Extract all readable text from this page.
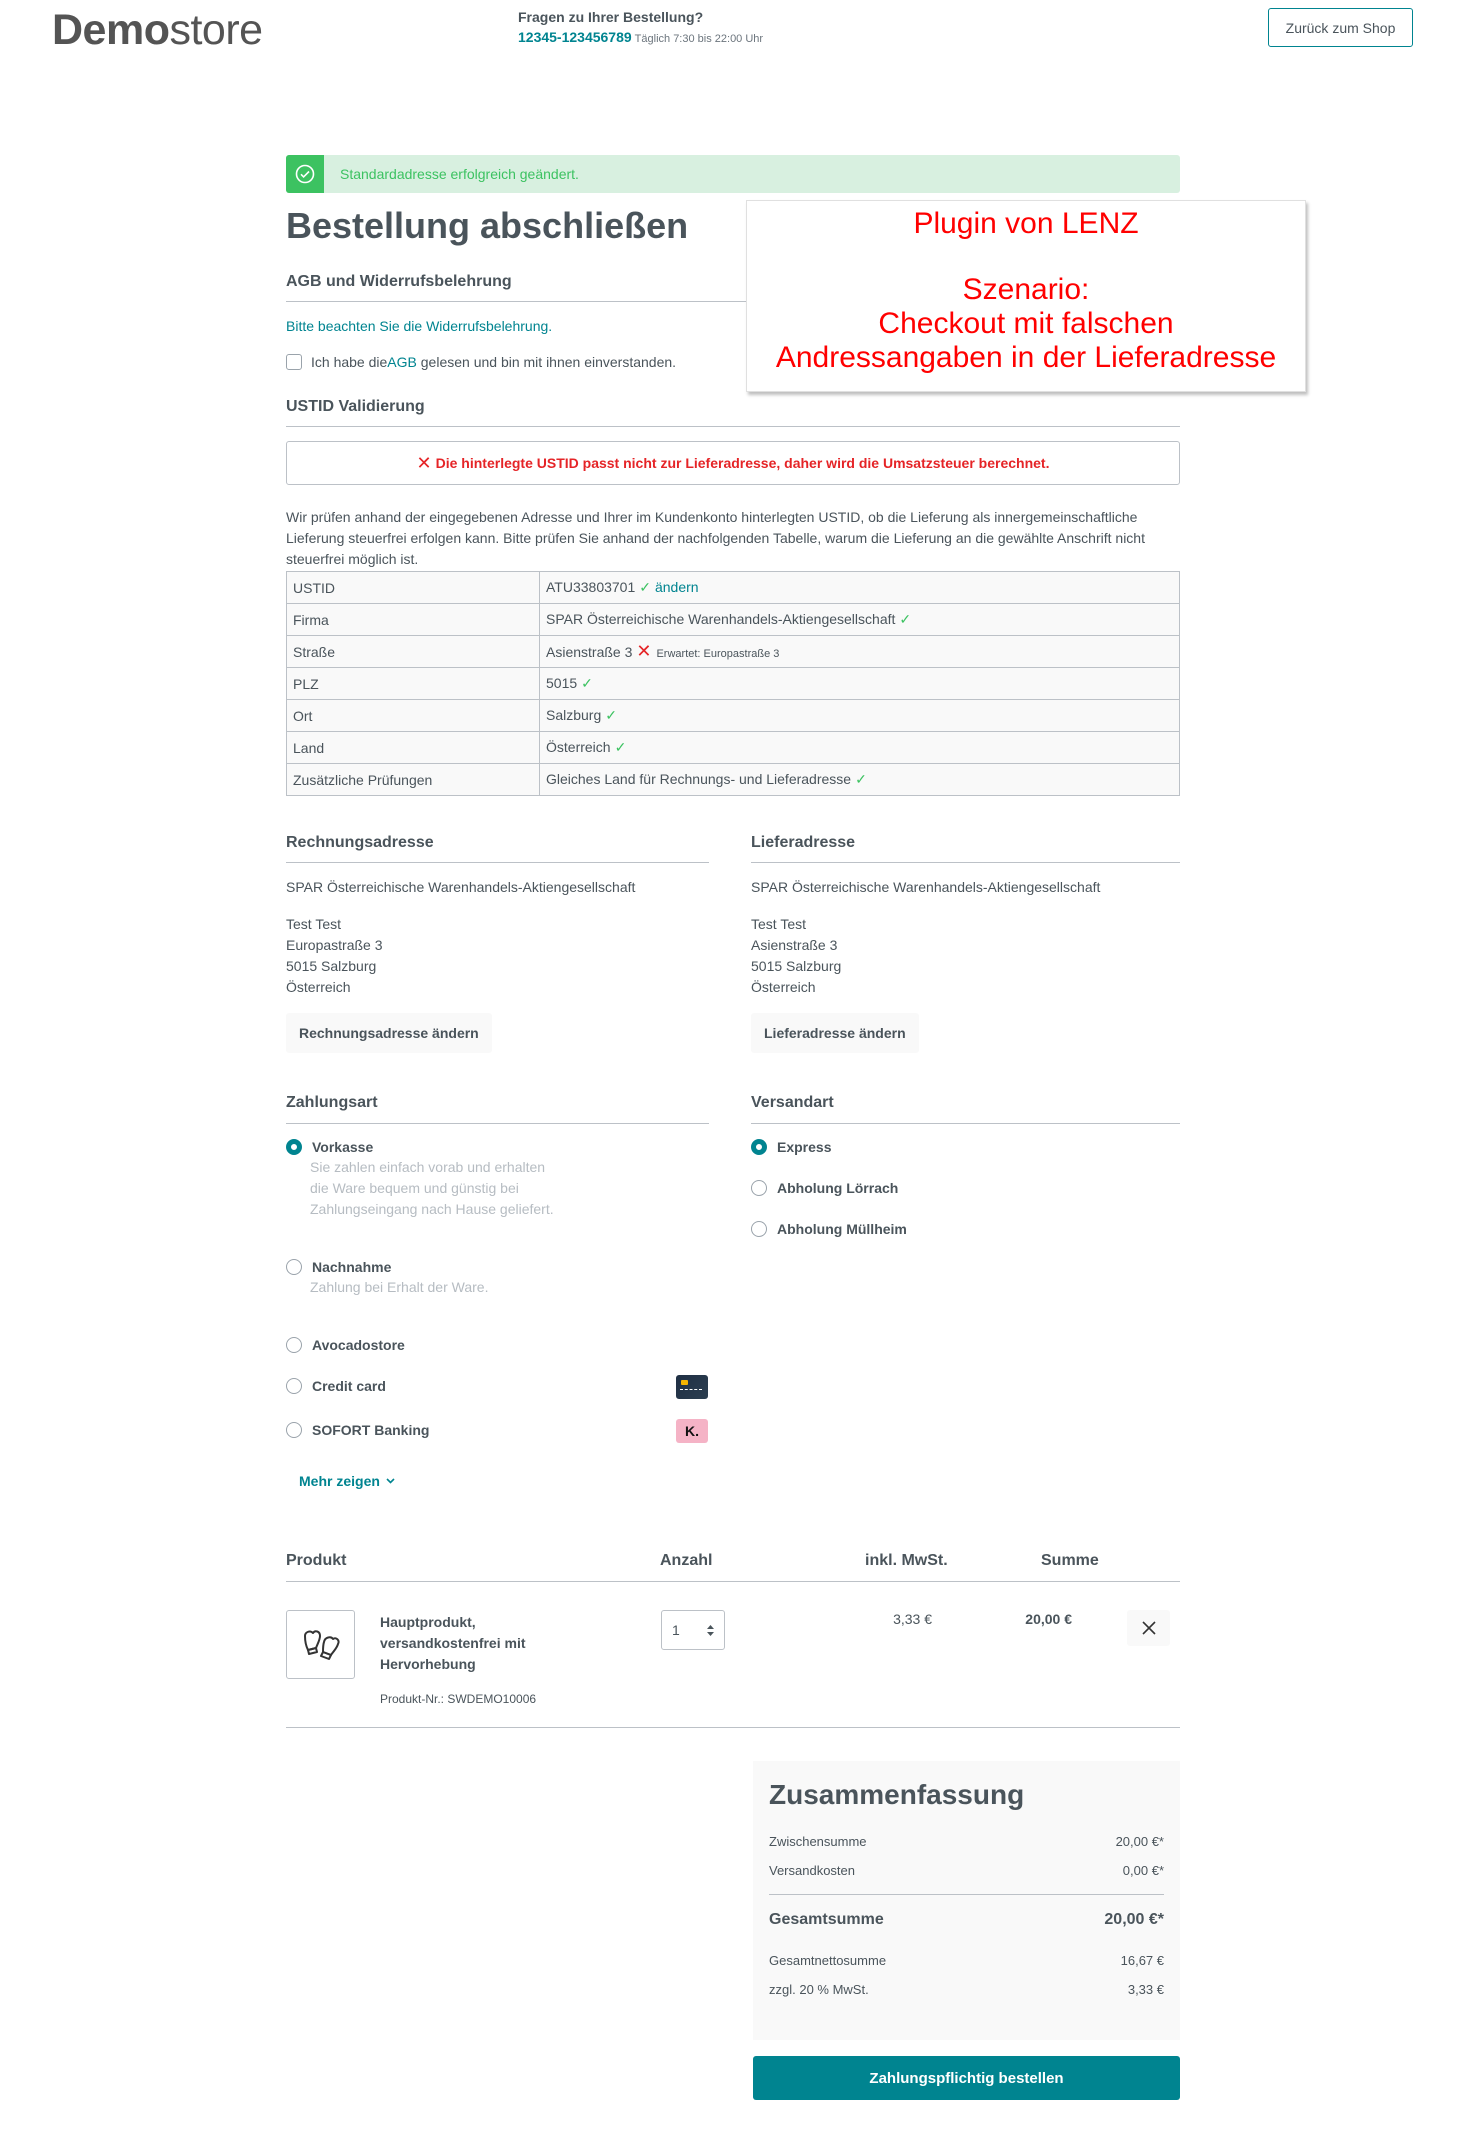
Demostore	Fragen zu Ihrer Bestellung?
12345-123456789 Täglich 7:30 bis 22:00 Uhr
Zurück zum Shop
Standardadresse erfolgreich geändert.
Bestellung abschließen
AGB und Widerrufsbelehrung
Bitte beachten Sie die Widerrufsbelehrung.
Ich habe die AGB gelesen und bin mit ihnen einverstanden.
Plugin von LENZ
Szenario:
Checkout mit falschen
Andressangaben in der Lieferadresse
USTID Validierung
✕ Die hinterlegte USTID passt nicht zur Lieferadresse, daher wird die Umsatzsteuer berechnet.
Wir prüfen anhand der eingegebenen Adresse und Ihrer im Kundenkonto hinterlegten USTID, ob die Lieferung als innergemeinschaftliche Lieferung steuerfrei erfolgen kann. Bitte prüfen Sie anhand der nachfolgenden Tabelle, warum die Lieferung an die gewählte Anschrift nicht steuerfrei möglich ist.
USTID	ATU33803701 ✓ ändern
Firma	SPAR Österreichische Warenhandels-Aktiengesellschaft ✓
Straße	Asienstraße 3 ✕ Erwartet: Europastraße 3
PLZ	5015 ✓
Ort	Salzburg ✓
Land	Österreich ✓
Zusätzliche Prüfungen	Gleiches Land für Rechnungs- und Lieferadresse ✓
Rechnungsadresse
SPAR Österreichische Warenhandels-Aktiengesellschaft
Test Test
Europastraße 3
5015 Salzburg
Österreich
Rechnungsadresse ändern
Lieferadresse
SPAR Österreichische Warenhandels-Aktiengesellschaft
Test Test
Asienstraße 3
5015 Salzburg
Österreich
Lieferadresse ändern
Zahlungsart
Vorkasse
Sie zahlen einfach vorab und erhalten
die Ware bequem und günstig bei
Zahlungseingang nach Hause geliefert.
Nachnahme
Zahlung bei Erhalt der Ware.
Avocadostore
Credit card
SOFORT Banking	K.
Mehr zeigen
Versandart
Express
Abholung Lörrach
Abholung Müllheim
Produkt	Anzahl	inkl. MwSt.	Summe
Hauptprodukt, versandkostenfrei mit Hervorhebung
Produkt-Nr.: SWDEMO10006
1
3,33 €	20,00 €
Zusammenfassung
Zwischensumme	20,00 €*
Versandkosten	0,00 €*
Gesamtsumme	20,00 €*
Gesamtnettosumme	16,67 €
zzgl. 20 % MwSt.	3,33 €
Zahlungspflichtig bestellen
